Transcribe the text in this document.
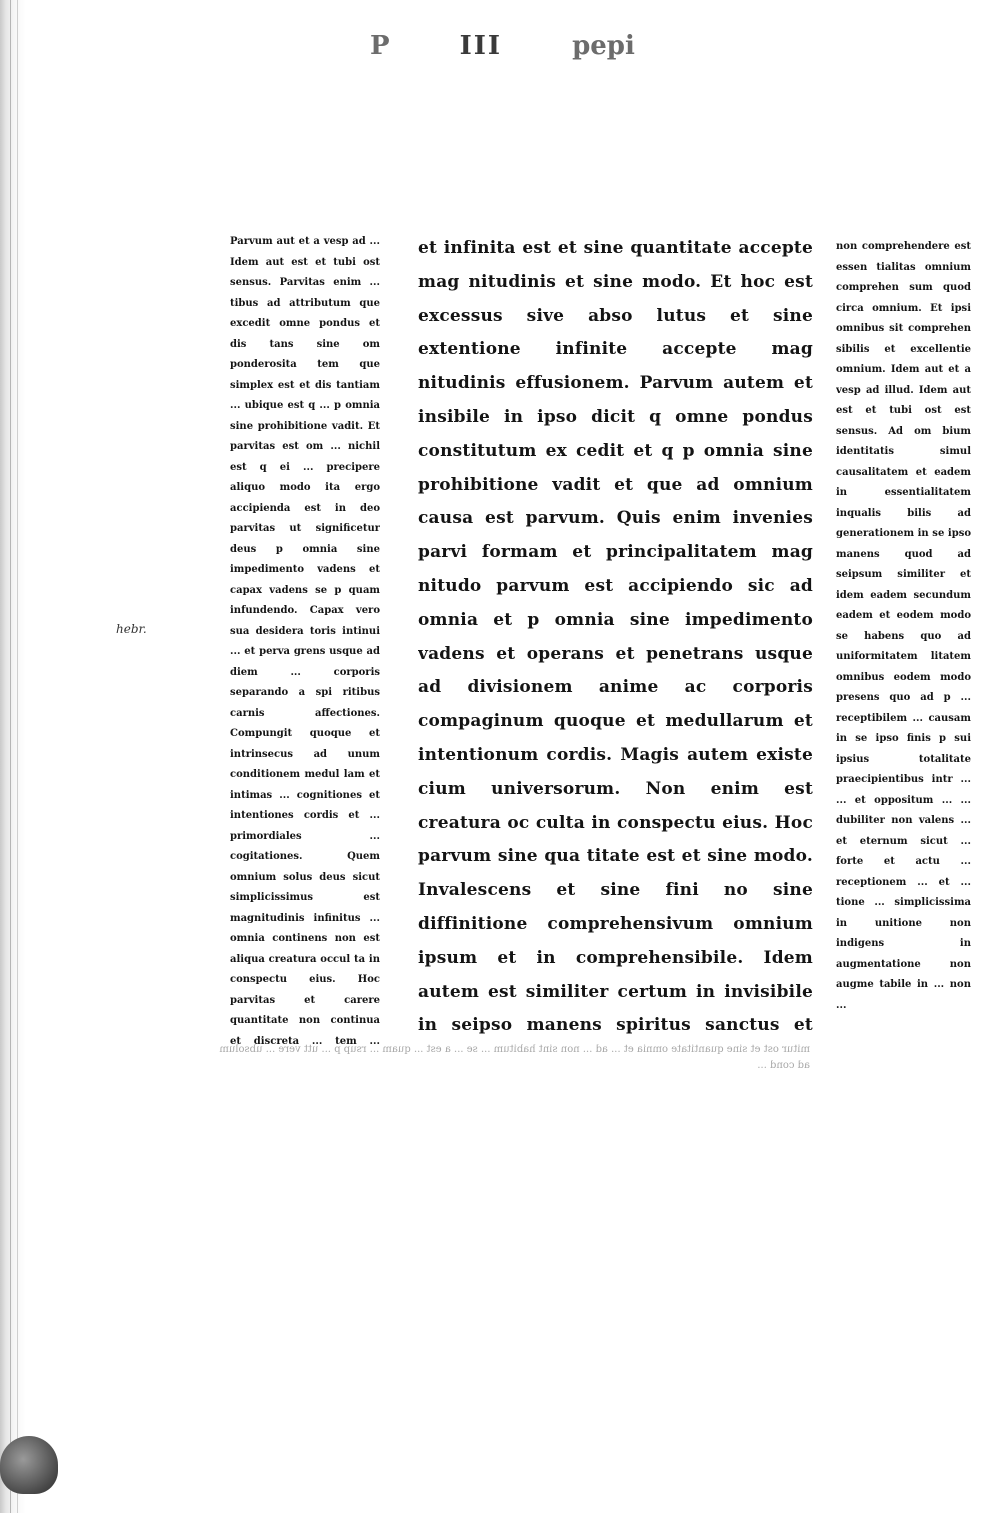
P	III	pepi
hebr.

Parvum aut et a vesp ad ... Idem aut est et tubi ost sensus. Parvitas enim ... tibus ad attributum que excedit omne pondus et dis tans sine om ponderosita tem que simplex est et dis tantiam ... ubique est q ... p omnia sine prohibitione vadit. Et parvitas est om ... nichil est q ei ... precipere aliquo modo ita ergo accipienda est in deo parvitas ut significetur deus p omnia sine impedimento vadens et capax vadens se p quam infundendo. Capax vero sua desidera toris intinui ... et perva grens usque ad diem ... corporis separando a spi ritibus carnis affectiones. Compungit quoque et intrinsecus ad unum conditionem medul lam et intimas ... cognitiones et intentiones cordis et ... primordiales ... cogitationes. Quem omnium solus deus sicut simplicissimus est magnitudinis infinitus ... omnia continens non est aliqua creatura occul ta in conspectu eius. Hoc parvitas et carere quantitate non continua et discreta ... tem ...

et infinita est et sine quantitate accepte mag nitudinis et sine modo. Et hoc est excessus sive abso lutus et sine extentione infinite accepte mag nitudinis effusionem. Parvum autem et insibile in ipso dicit q omne pondus constitutum ex cedit et q p omnia sine prohibitione vadit et que ad omnium causa est parvum. Quis enim invenies parvi formam et principalitatem mag nitudo parvum est accipiendo sic ad omnia et p omnia sine impedimento vadens et operans et penetrans usque ad divisionem anime ac corporis compaginum quoque et medullarum et intentionum cordis. Magis autem existe cium universorum. Non enim est creatura oc culta in conspectu eius. Hoc parvum sine qua titate est et sine modo. Invalescens et sine fini no sine diffinitione comprehensivum omnium ipsum et in comprehensibile. Idem autem est similiter certum in invisibile in seipso manens spiritus sanctus et

non comprehendere est essen tialitas omnium comprehen sum quod circa omnium. Et ipsi omnibus sit comprehen sibilis et excellentie omnium. Idem aut et a vesp ad illud. Idem aut est et tubi ost est sensus. Ad om bium identitatis simul causalitatem et eadem in essentialitatem inqualis bilis ad generationem in se ipso manens quod ad seipsum similiter et idem eadem secundum eadem et eodem modo se habens quo ad uniformitatem litatem omnibus eodem modo presens quo ad p ... receptibilem ... causam in se ipso finis p sui ipsius totalitate praecipientibus intr ... ... et oppositum ... ... dubiliter non valens ... et eternum sicut ... forte et actu ... receptionem ... et ... tione ... simplicissima in unitione non indigens in augmentatione non augme tabile in ... non ...

mitur ost et sine quantitate omnia et ... ad ... non sint habitum ... se ... a est ... quam ... rsup p ... utt vere ... ubsolum ad cond ...
